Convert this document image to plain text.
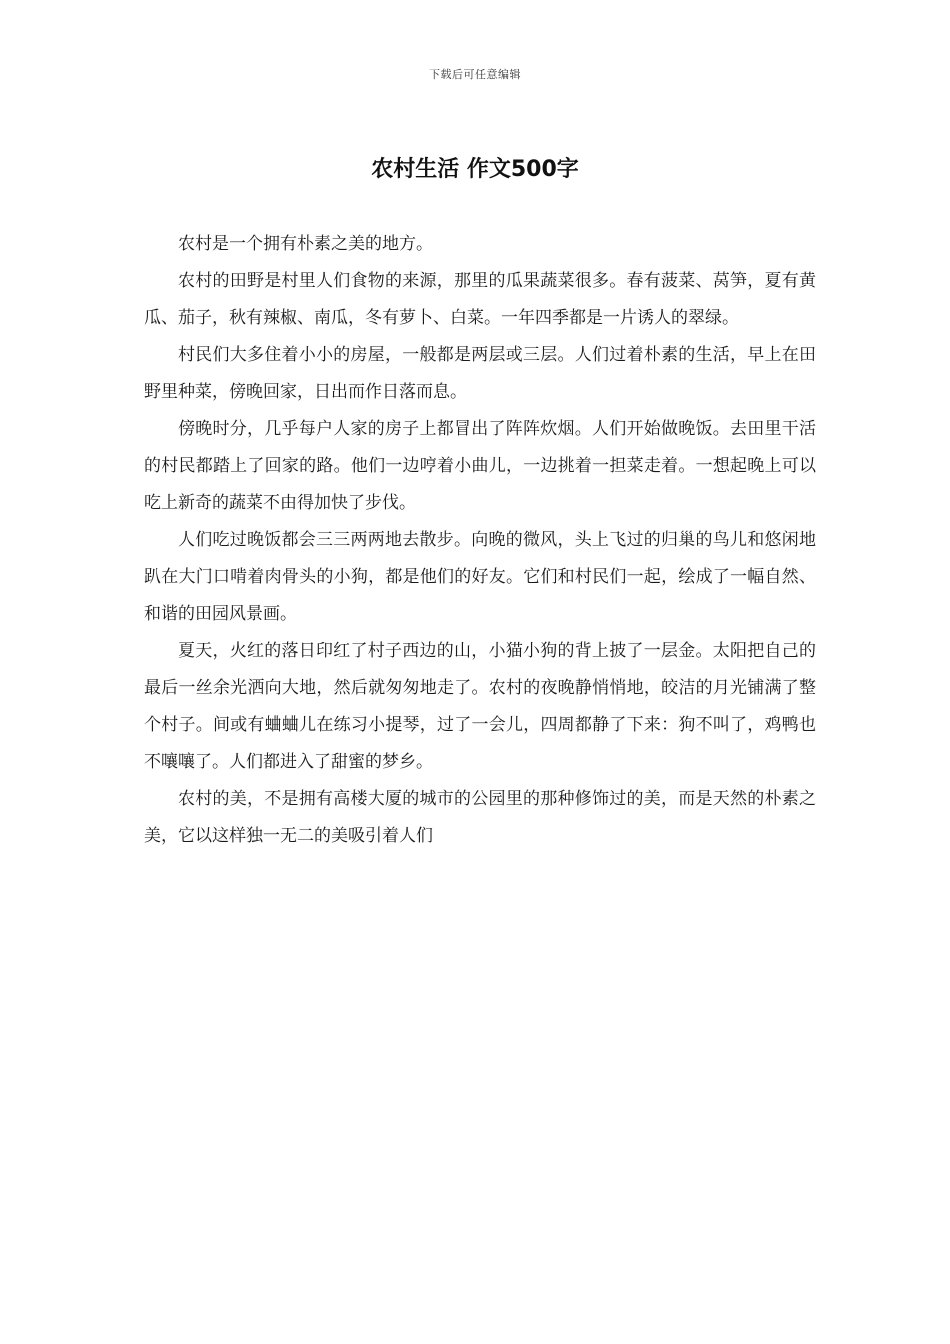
下载后可任意编辑
农村生活 作文500字

农村是一个拥有朴素之美的地方。

农村的田野是村里人们食物的来源，那里的瓜果蔬菜很多。春有菠菜、莴笋，夏有黄瓜、茄子，秋有辣椒、南瓜，冬有萝卜、白菜。一年四季都是一片诱人的翠绿。

村民们大多住着小小的房屋，一般都是两层或三层。人们过着朴素的生活，早上在田野里种菜，傍晚回家，日出而作日落而息。

傍晚时分，几乎每户人家的房子上都冒出了阵阵炊烟。人们开始做晚饭。去田里干活的村民都踏上了回家的路。他们一边哼着小曲儿，一边挑着一担菜走着。一想起晚上可以吃上新奇的蔬菜不由得加快了步伐。

人们吃过晚饭都会三三两两地去散步。向晚的微风，头上飞过的归巢的鸟儿和悠闲地趴在大门口啃着肉骨头的小狗，都是他们的好友。它们和村民们一起，绘成了一幅自然、和谐的田园风景画。

夏天，火红的落日印红了村子西边的山，小猫小狗的背上披了一层金。太阳把自己的最后一丝余光洒向大地，然后就匆匆地走了。农村的夜晚静悄悄地，皎洁的月光铺满了整个村子。间或有蛐蛐儿在练习小提琴，过了一会儿，四周都静了下来：狗不叫了，鸡鸭也不嚷嚷了。人们都进入了甜蜜的梦乡。

农村的美，不是拥有高楼大厦的城市的公园里的那种修饰过的美，而是天然的朴素之美，它以这样独一无二的美吸引着人们
